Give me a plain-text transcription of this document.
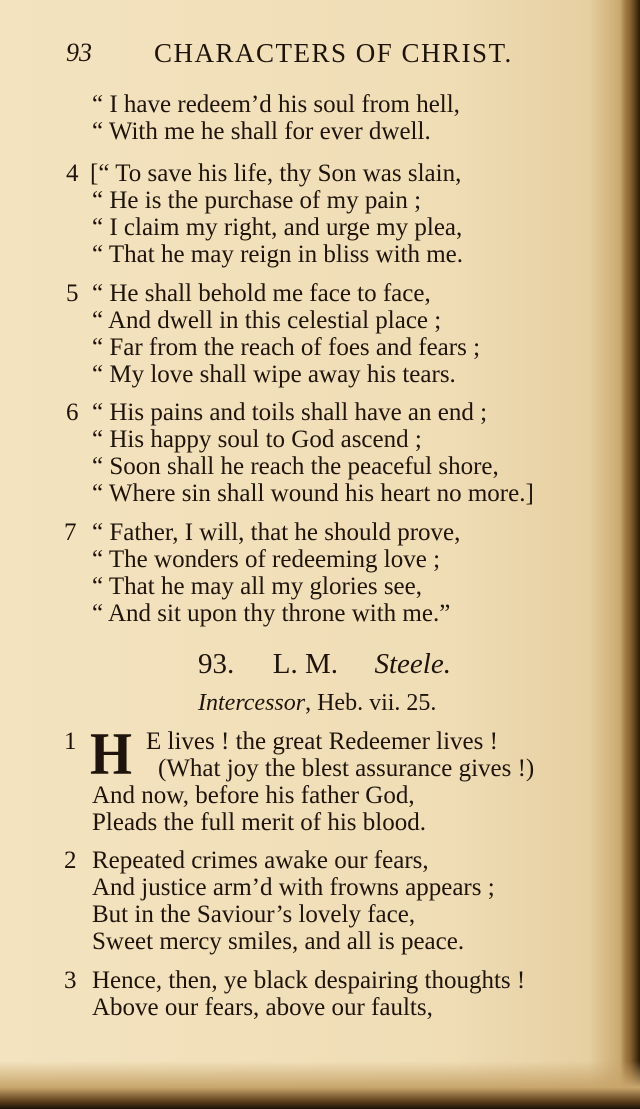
93 CHARACTERS OF CHRIST.
“ I have redeem’d his soul from hell,
“ With me he shall for ever dwell.
4 [“ To save his life, thy Son was slain,
“ He is the purchase of my pain ;
“ I claim my right, and urge my plea,
“ That he may reign in bliss with me.
5 “ He shall behold me face to face,
“ And dwell in this celestial place ;
“ Far from the reach of foes and fears ;
“ My love shall wipe away his tears.
6 “ His pains and toils shall have an end ;
“ His happy soul to God ascend ;
“ Soon shall he reach the peaceful shore,
“ Where sin shall wound his heart no more.]
7 “ Father, I will, that he should prove,
“ The wonders of redeeming love ;
“ That he may all my glories see,
“ And sit upon thy throne with me.”
93. L. M. Steele.
Intercessor, Heb. vii. 25.
1 H E lives ! the great Redeemer lives !
(What joy the blest assurance gives !)
And now, before his father God,
Pleads the full merit of his blood.
2 Repeated crimes awake our fears,
And justice arm’d with frowns appears ;
But in the Saviour’s lovely face,
Sweet mercy smiles, and all is peace.
3 Hence, then, ye black despairing thoughts !
Above our fears, above our faults,
